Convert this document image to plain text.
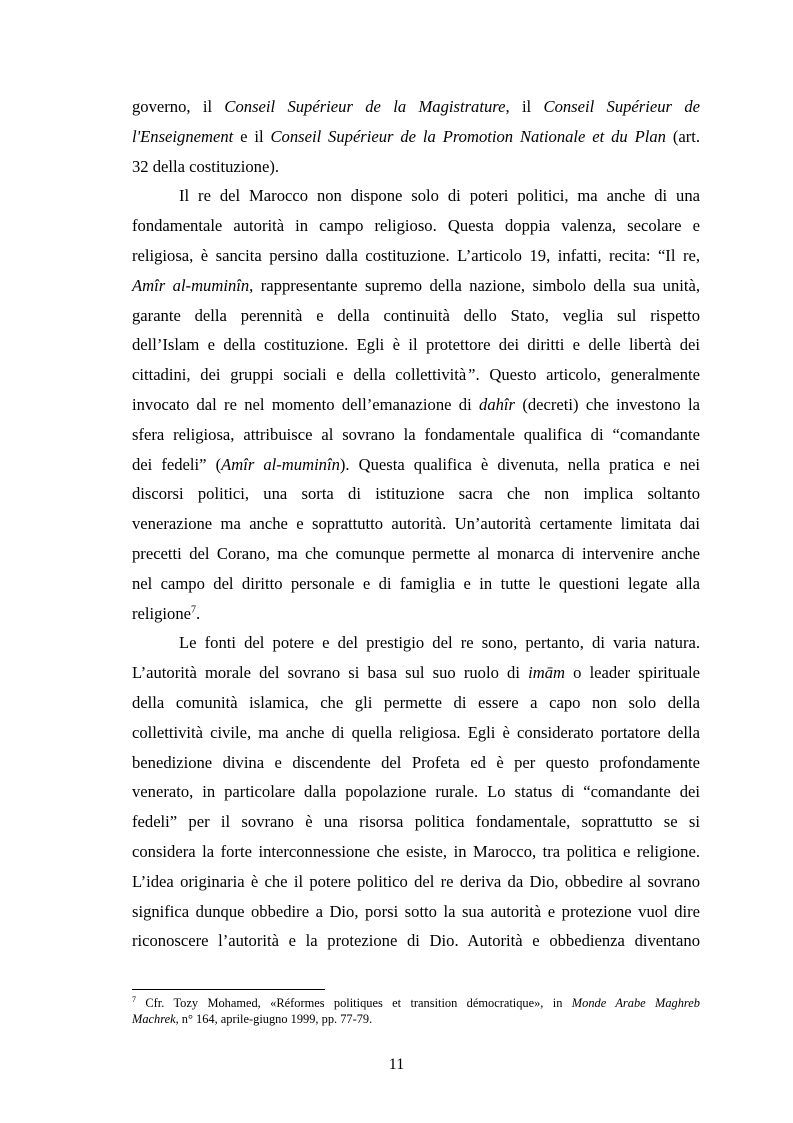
governo, il Conseil Supérieur de la Magistrature, il Conseil Supérieur de
l'Enseignement e il Conseil Supérieur de la Promotion Nationale et du Plan (art.
32 della costituzione).
Il re del Marocco non dispone solo di poteri politici, ma anche di una
fondamentale autorità in campo religioso. Questa doppia valenza, secolare e
religiosa, è sancita persino dalla costituzione. L’articolo 19, infatti, recita: “Il re,
Amîr al-muminîn, rappresentante supremo della nazione, simbolo della sua unità,
garante della perennità e della continuità dello Stato, veglia sul rispetto
dell’Islam e della costituzione. Egli è il protettore dei diritti e delle libertà dei
cittadini, dei gruppi sociali e della collettività”. Questo articolo, generalmente
invocato dal re nel momento dell’emanazione di dahîr (decreti) che investono la
sfera religiosa, attribuisce al sovrano la fondamentale qualifica di “comandante
dei fedeli” (Amîr al-muminîn). Questa qualifica è divenuta, nella pratica e nei
discorsi politici, una sorta di istituzione sacra che non implica soltanto
venerazione ma anche e soprattutto autorità. Un’autorità certamente limitata dai
precetti del Corano, ma che comunque permette al monarca di intervenire anche
nel campo del diritto personale e di famiglia e in tutte le questioni legate alla
religione$^7$.
Le fonti del potere e del prestigio del re sono, pertanto, di varia natura.
L’autorità morale del sovrano si basa sul suo ruolo di imām o leader spirituale
della comunità islamica, che gli permette di essere a capo non solo della
collettività civile, ma anche di quella religiosa. Egli è considerato portatore della
benedizione divina e discendente del Profeta ed è per questo profondamente
venerato, in particolare dalla popolazione rurale. Lo status di “comandante dei
fedeli” per il sovrano è una risorsa politica fondamentale, soprattutto se si
considera la forte interconnessione che esiste, in Marocco, tra politica e religione.
L’idea originaria è che il potere politico del re deriva da Dio, obbedire al sovrano
significa dunque obbedire a Dio, porsi sotto la sua autorità e protezione vuol dire
riconoscere l’autorità e la protezione di Dio. Autorità e obbedienza diventano
$^7$ Cfr. Tozy Mohamed, «Réformes politiques et transition démocratique», in Monde Arabe Maghreb
Machrek, n° 164, aprile-giugno 1999, pp. 77-79.
11
